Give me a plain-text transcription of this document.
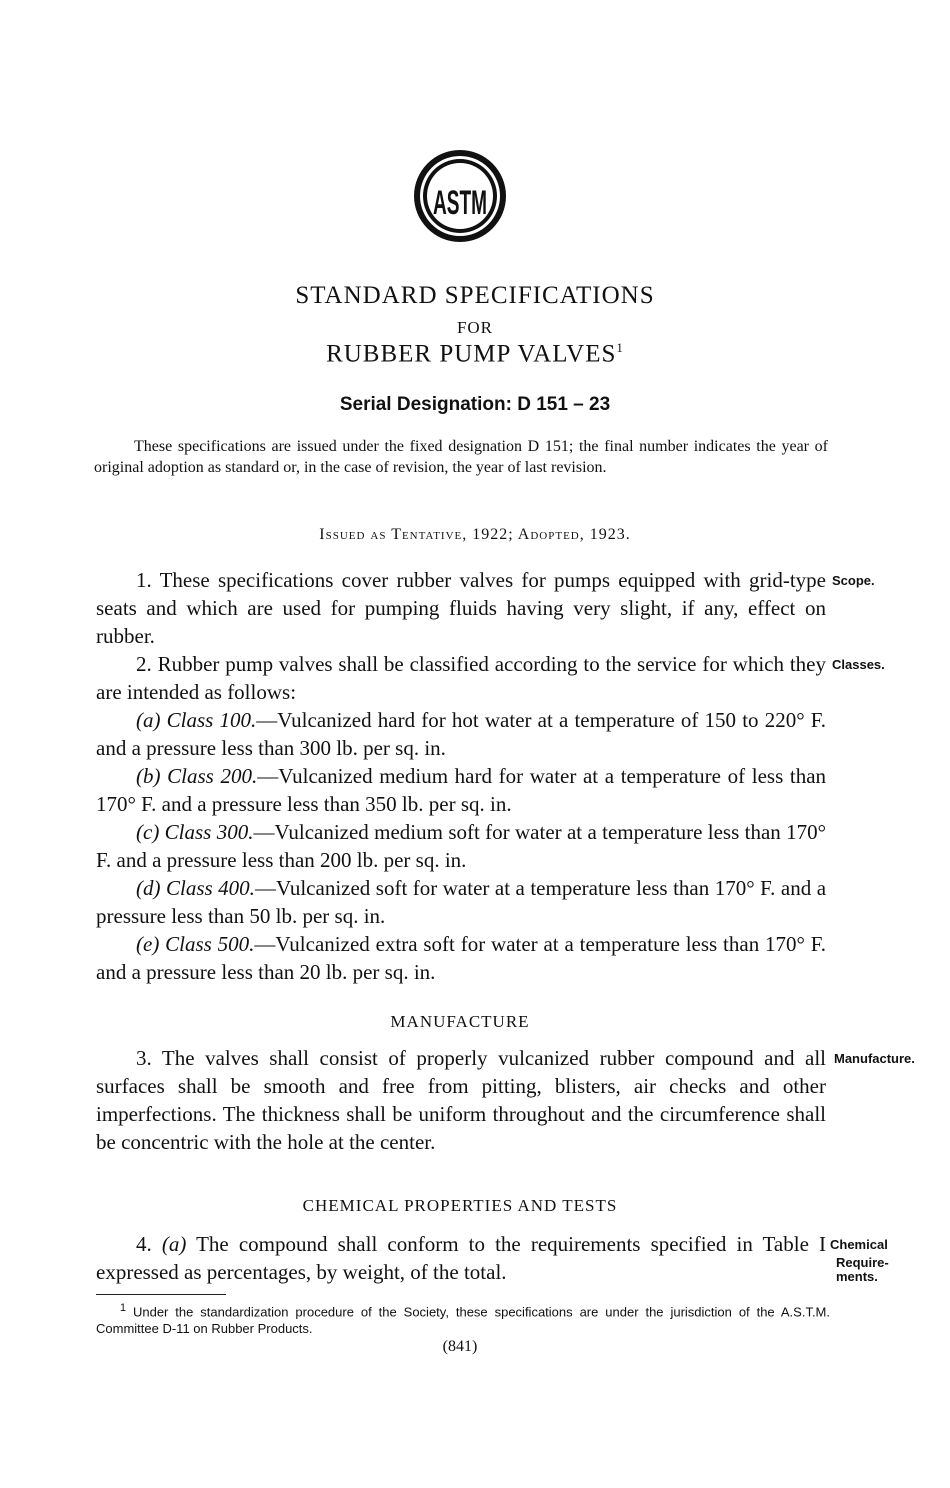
ASTM
STANDARD SPECIFICATIONS
FOR
RUBBER PUMP VALVES$^1$
Serial Designation: D 151 – 23
These specifications are issued under the fixed designation D 151; the final number indicates the year of original adoption as standard or, in the case of revision, the year of last revision.
Issued as Tentative, 1922; Adopted, 1923.

1. These specifications cover rubber valves for pumps equipped with grid-type seats and which are used for pumping fluids having very slight, if any, effect on rubber.

2. Rubber pump valves shall be classified according to the service for which they are intended as follows:

(a) Class 100.—Vulcanized hard for hot water at a temperature of 150 to 220° F. and a pressure less than 300 lb. per sq. in.

(b) Class 200.—Vulcanized medium hard for water at a temperature of less than 170° F. and a pressure less than 350 lb. per sq. in.

(c) Class 300.—Vulcanized medium soft for water at a temperature less than 170° F. and a pressure less than 200 lb. per sq. in.

(d) Class 400.—Vulcanized soft for water at a temperature less than 170° F. and a pressure less than 50 lb. per sq. in.

(e) Class 500.—Vulcanized extra soft for water at a temperature less than 170° F. and a pressure less than 20 lb. per sq. in.

Scope.
Classes.
MANUFACTURE

3. The valves shall consist of properly vulcanized rubber compound and all surfaces shall be smooth and free from pitting, blisters, air checks and other imperfections. The thickness shall be uniform throughout and the circumference shall be concentric with the hole at the center.

Manufacture.
CHEMICAL PROPERTIES AND TESTS

4. (a) The compound shall conform to the requirements specified in Table I expressed as percentages, by weight, of the total.

Chemical
Require- ments.
$^1$ Under the standardization procedure of the Society, these specifications are under the jurisdiction of the A.S.T.M. Committee D-11 on Rubber Products.
(841)
